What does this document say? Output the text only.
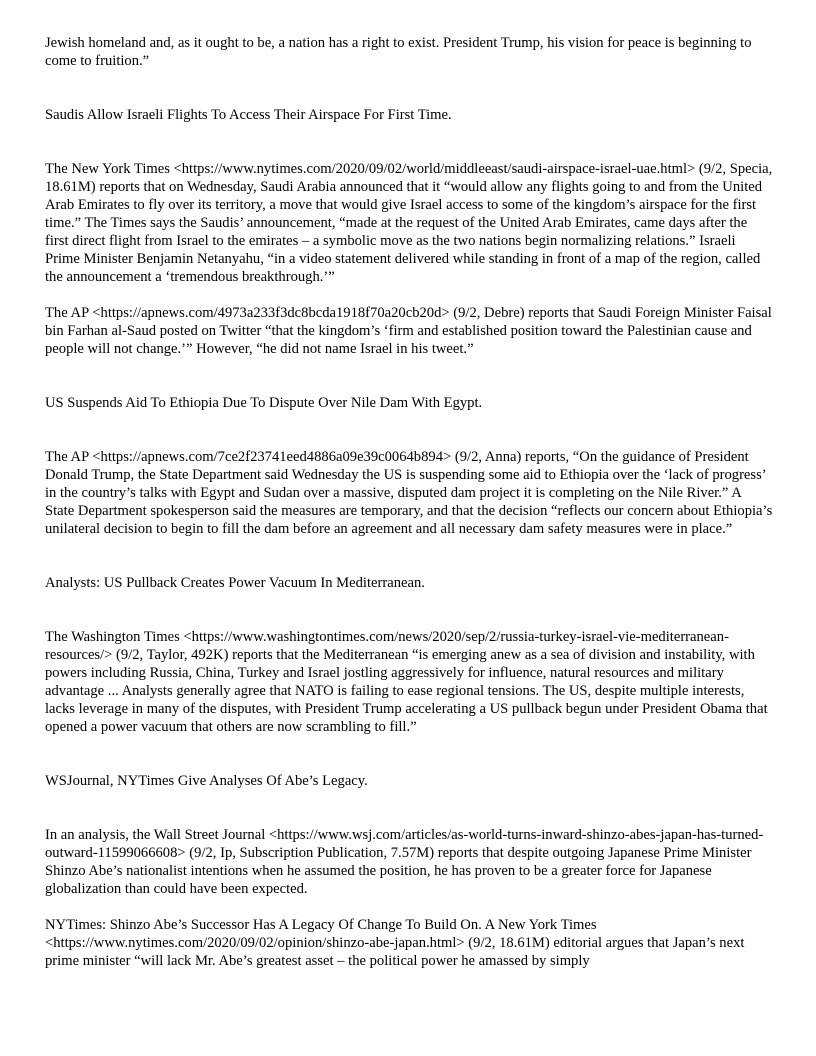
Jewish homeland and, as it ought to be, a nation has a right to exist. President Trump, his vision for peace is beginning to come to fruition.”

Saudis Allow Israeli Flights To Access Their Airspace For First Time.

The New York Times <https://www.nytimes.com/2020/09/02/world/middleeast/saudi-airspace-israel-uae.html> (9/2, Specia, 18.61M) reports that on Wednesday, Saudi Arabia announced that it “would allow any flights going to and from the United Arab Emirates to fly over its territory, a move that would give Israel access to some of the kingdom’s airspace for the first time.” The Times says the Saudis’ announcement, “made at the request of the United Arab Emirates, came days after the first direct flight from Israel to the emirates – a symbolic move as the two nations begin normalizing relations.” Israeli Prime Minister Benjamin Netanyahu, “in a video statement delivered while standing in front of a map of the region, called the announcement a ‘tremendous breakthrough.’”

The AP <https://apnews.com/4973a233f3dc8bcda1918f70a20cb20d> (9/2, Debre) reports that Saudi Foreign Minister Faisal bin Farhan al-Saud posted on Twitter “that the kingdom’s ‘firm and established position toward the Palestinian cause and people will not change.’” However, “he did not name Israel in his tweet.”

US Suspends Aid To Ethiopia Due To Dispute Over Nile Dam With Egypt.

The AP <https://apnews.com/7ce2f23741eed4886a09e39c0064b894> (9/2, Anna) reports, “On the guidance of President Donald Trump, the State Department said Wednesday the US is suspending some aid to Ethiopia over the ‘lack of progress’ in the country’s talks with Egypt and Sudan over a massive, disputed dam project it is completing on the Nile River.” A State Department spokesperson said the measures are temporary, and that the decision “reflects our concern about Ethiopia’s unilateral decision to begin to fill the dam before an agreement and all necessary dam safety measures were in place.”

Analysts: US Pullback Creates Power Vacuum In Mediterranean.

The Washington Times <https://www.washingtontimes.com/news/2020/sep/2/russia-turkey-israel-vie-mediterranean-resources/> (9/2, Taylor, 492K) reports that the Mediterranean “is emerging anew as a sea of division and instability, with powers including Russia, China, Turkey and Israel jostling aggressively for influence, natural resources and military advantage ... Analysts generally agree that NATO is failing to ease regional tensions. The US, despite multiple interests, lacks leverage in many of the disputes, with President Trump accelerating a US pullback begun under President Obama that opened a power vacuum that others are now scrambling to fill.”

WSJournal, NYTimes Give Analyses Of Abe’s Legacy.

In an analysis, the Wall Street Journal <https://www.wsj.com/articles/as-world-turns-inward-shinzo-abes-japan-has-turned-outward-11599066608> (9/2, Ip, Subscription Publication, 7.57M) reports that despite outgoing Japanese Prime Minister Shinzo Abe’s nationalist intentions when he assumed the position, he has proven to be a greater force for Japanese globalization than could have been expected.

NYTimes: Shinzo Abe’s Successor Has A Legacy Of Change To Build On. A New York Times <https://www.nytimes.com/2020/09/02/opinion/shinzo-abe-japan.html> (9/2, 18.61M) editorial argues that Japan’s next prime minister “will lack Mr. Abe’s greatest asset – the political power he amassed by simply
